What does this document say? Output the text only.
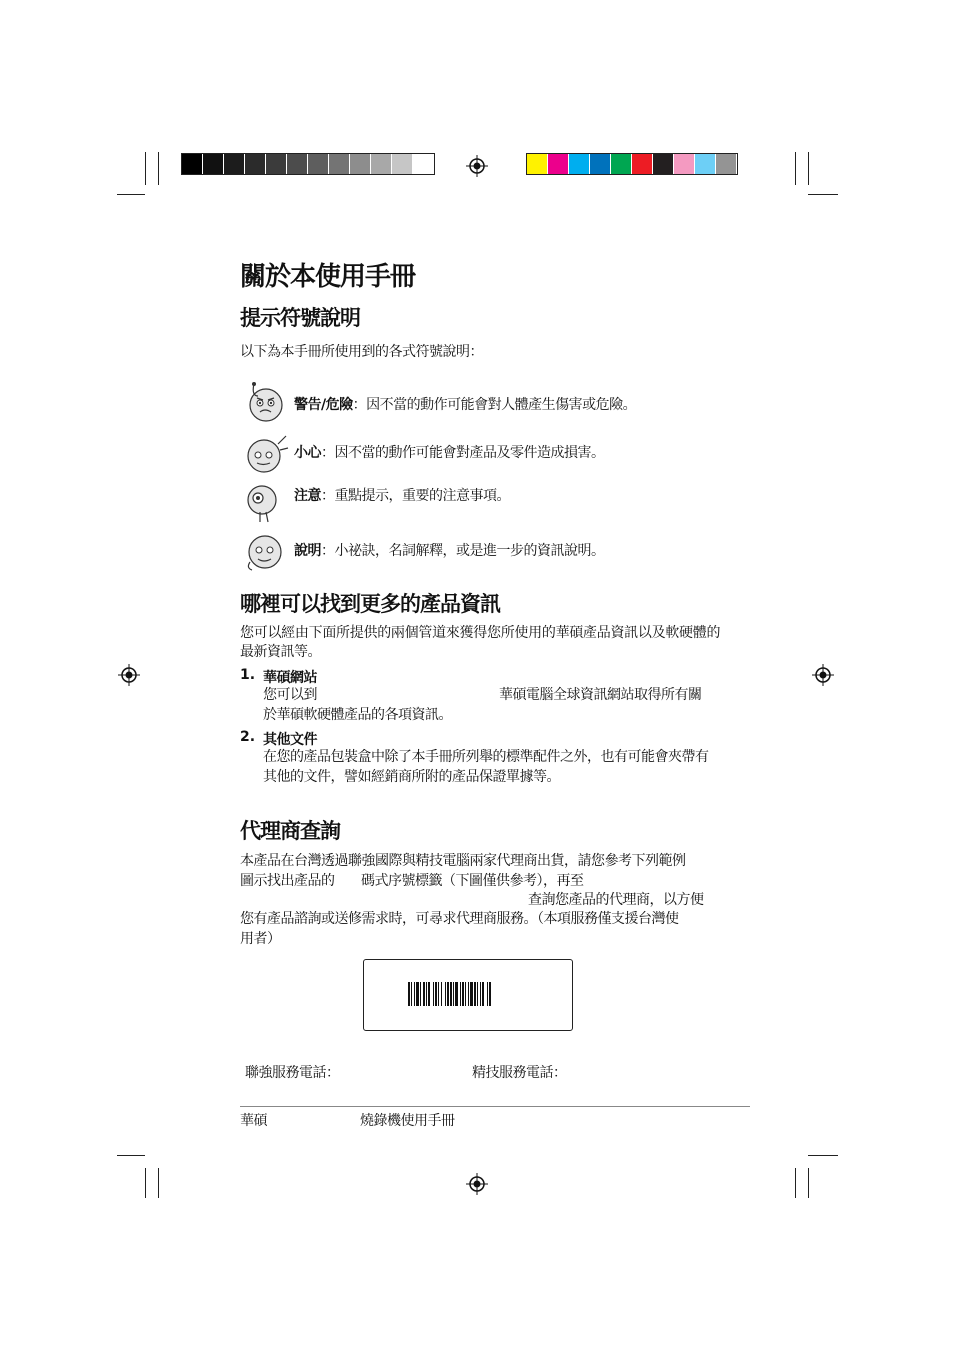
關於本使用手冊
提示符號說明
以下為本手冊所使用到的各式符號說明：
警告/危險：因不當的動作可能會對人體產生傷害或危險。
小心：因不當的動作可能會對產品及零件造成損害。
注意：重點提示，重要的注意事項。
說明：小祕訣，名詞解釋，或是進一步的資訊說明。
哪裡可以找到更多的產品資訊
您可以經由下面所提供的兩個管道來獲得您所使用的華碩產品資訊以及軟硬體的最新資訊等。
1. 華碩網站
您可以到	華碩電腦全球資訊網站取得所有關
於華碩軟硬體產品的各項資訊。
2. 其他文件
在您的產品包裝盒中除了本手冊所列舉的標準配件之外，也有可能會夾帶有其他的文件，譬如經銷商所附的產品保證單據等。
代理商查詢
本產品在台灣透過聯強國際與精技電腦兩家代理商出貨，請您參考下列範例
圖示找出產品的 碼式序號標籤（下圖僅供參考），再至
查詢您產品的代理商，以方便
您有產品諮詢或送修需求時，可尋求代理商服務。（本項服務僅支援台灣使
用者）
聯強服務電話：	精技服務電話：
華碩	燒錄機使用手冊
